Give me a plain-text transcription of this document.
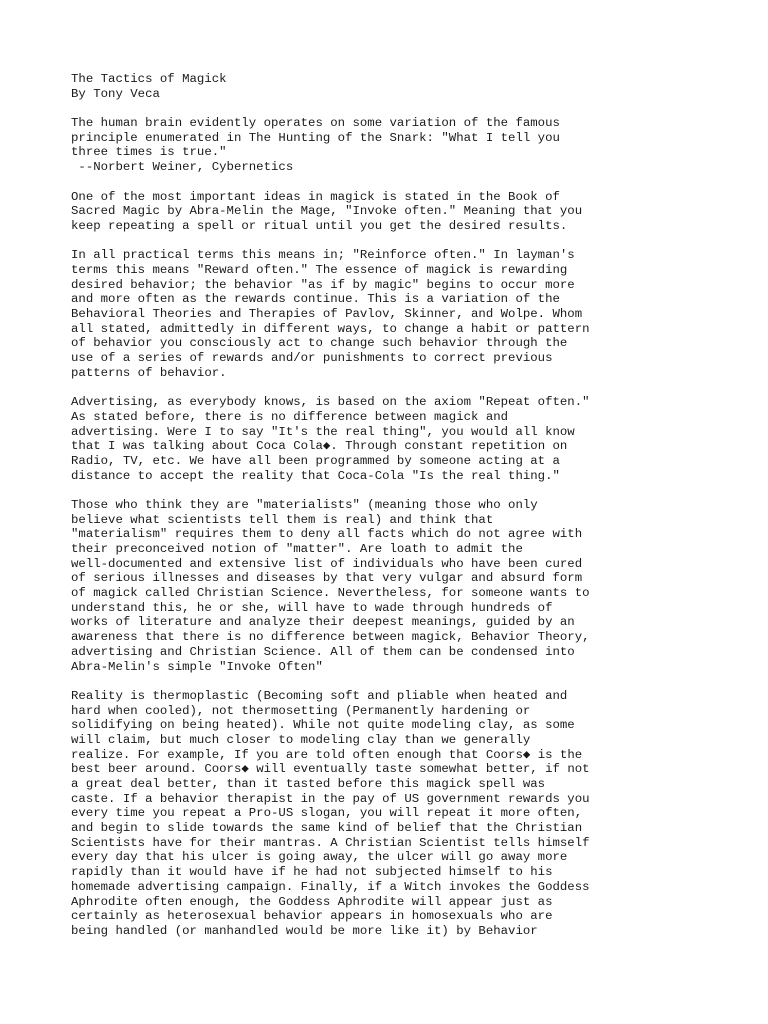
The Tactics of Magick
By Tony Veca
The human brain evidently operates on some variation of the famous
principle enumerated in The Hunting of the Snark: "What I tell you
three times is true."
--Norbert Weiner, Cybernetics
One of the most important ideas in magick is stated in the Book of
Sacred Magic by Abra-Melin the Mage, "Invoke often." Meaning that you
keep repeating a spell or ritual until you get the desired results.
In all practical terms this means in; "Reinforce often." In layman's
terms this means "Reward often." The essence of magick is rewarding
desired behavior; the behavior "as if by magic" begins to occur more
and more often as the rewards continue. This is a variation of the
Behavioral Theories and Therapies of Pavlov, Skinner, and Wolpe. Whom
all stated, admittedly in different ways, to change a habit or pattern
of behavior you consciously act to change such behavior through the
use of a series of rewards and/or punishments to correct previous
patterns of behavior.
Advertising, as everybody knows, is based on the axiom "Repeat often."
As stated before, there is no difference between magick and
advertising. Were I to say "It's the real thing", you would all know
that I was talking about Coca Cola◆. Through constant repetition on
Radio, TV, etc. We have all been programmed by someone acting at a
distance to accept the reality that Coca-Cola "Is the real thing."
Those who think they are "materialists" (meaning those who only
believe what scientists tell them is real) and think that
"materialism" requires them to deny all facts which do not agree with
their preconceived notion of "matter". Are loath to admit the
well-documented and extensive list of individuals who have been cured
of serious illnesses and diseases by that very vulgar and absurd form
of magick called Christian Science. Nevertheless, for someone wants to
understand this, he or she, will have to wade through hundreds of
works of literature and analyze their deepest meanings, guided by an
awareness that there is no difference between magick, Behavior Theory,
advertising and Christian Science. All of them can be condensed into
Abra-Melin's simple "Invoke Often"
Reality is thermoplastic (Becoming soft and pliable when heated and
hard when cooled), not thermosetting (Permanently hardening or
solidifying on being heated). While not quite modeling clay, as some
will claim, but much closer to modeling clay than we generally
realize. For example, If you are told often enough that Coors◆ is the
best beer around. Coors◆ will eventually taste somewhat better, if not
a great deal better, than it tasted before this magick spell was
caste. If a behavior therapist in the pay of US government rewards you
every time you repeat a Pro-US slogan, you will repeat it more often,
and begin to slide towards the same kind of belief that the Christian
Scientists have for their mantras. A Christian Scientist tells himself
every day that his ulcer is going away, the ulcer will go away more
rapidly than it would have if he had not subjected himself to his
homemade advertising campaign. Finally, if a Witch invokes the Goddess
Aphrodite often enough, the Goddess Aphrodite will appear just as
certainly as heterosexual behavior appears in homosexuals who are
being handled (or manhandled would be more like it) by Behavior
